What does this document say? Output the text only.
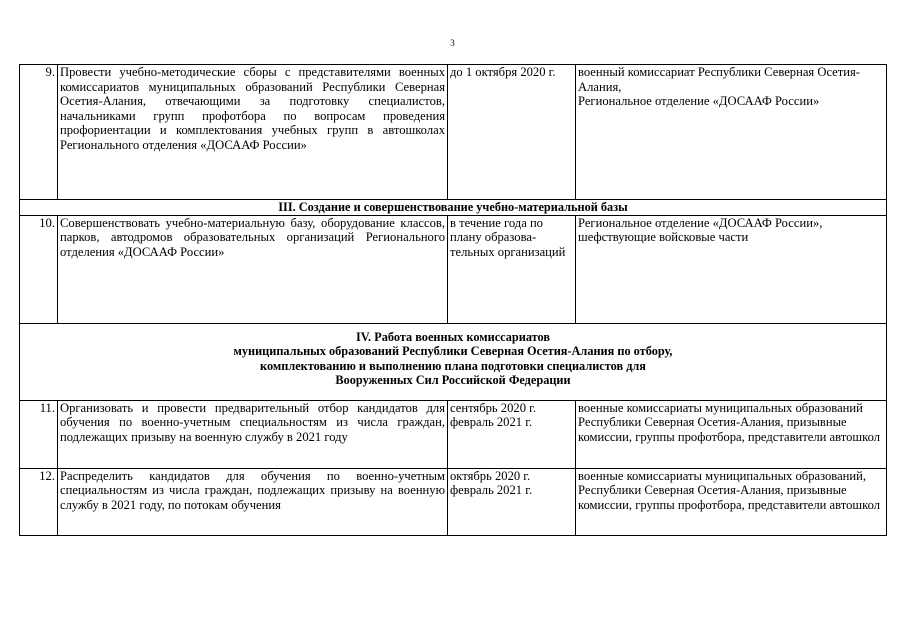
3
9.	Провести учебно-методические сборы с представителями военных комиссариатов муниципальных образований Республики Северная Осетия-Алания, отвечающими за подготовку специалистов, начальниками групп профотбора по вопросам проведения профориентации и комплектования учебных групп в автошколах Регионального отделения «ДОСААФ России»	до 1 октября 2020 г.	военный комиссариат Республики Северная Осетия-Алания,
Региональное отделение «ДОСААФ России»

III. Создание и совершенствование учебно-материальной базы			
10.	Совершенствовать учебно-материальную базу, оборудование классов, парков, автодромов образовательных организаций Регионального отделения «ДОСААФ России»	в течение года по плану образова-тельных организаций	Региональное отделение «ДОСААФ России», шефствующие войсковые части

IV. Работа военных комиссариатов
муниципальных образований Республики Северная Осетия-Алания по отбору,
комплектованию и выполнению плана подготовки специалистов для
Вооруженных Сил Российской Федерации			

11.	Организовать и провести предварительный отбор кандидатов для обучения по военно-учетным специальностям из числа граждан, подлежащих призыву на военную службу в 2021 году	сентябрь 2020 г.
февраль 2021 г.	военные комиссариаты муниципальных образований Республики Северная Осетия-Алания, призывные комисcии, группы профотбора, представители автошкол
12.	Распределить кандидатов для обучения по военно-учетным специальностям из числа граждан, подлежащих призыву на военную службу в 2021 году, по потокам обучения	октябрь 2020 г.
февраль 2021 г.	военные комиссариаты муниципальных образований, Республики Северная Осетия-Алания, призывные комисcии, группы профотбора, представители автошкол
